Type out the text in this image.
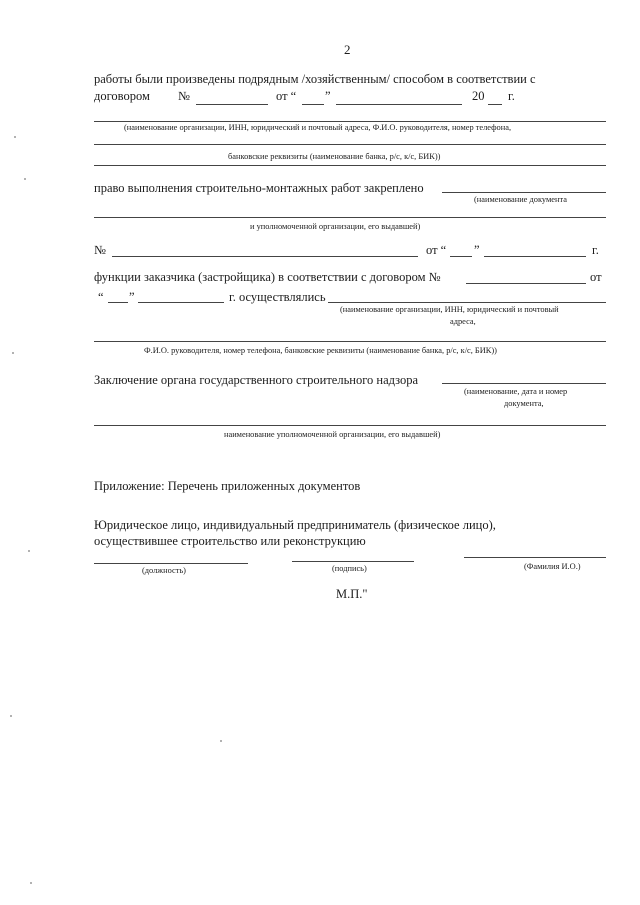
2
работы были произведены подрядным /хозяйственным/ способом в соответствии с
договором №	от “ ”	20 г.
(наименование организации, ИНН, юридический и почтовый адреса, Ф.И.О. руководителя, номер телефона,
банковские реквизиты (наименование банка, р/с, к/с, БИК))
право выполнения строительно-монтажных работ закреплено
(наименование документа
и уполномоченной организации, его выдавшей)
№	от “ ”	г.
функции заказчика (застройщика) в соответствии с договором №	от
“ ”	г. осуществлялись
(наименование организации, ИНН, юридический и почтовый
адреса,
Ф.И.О. руководителя, номер телефона, банковские реквизиты (наименование банка, р/с, к/с, БИК))
Заключение органа государственного строительного надзора
(наименование, дата и номер
документа,
наименование уполномоченной организации, его выдавшей)
Приложение: Перечень приложенных документов
Юридическое лицо, индивидуальный предприниматель (физическое лицо),
осуществившее строительство или реконструкцию
(должность)	(подпись)	(Фамилия И.О.)
М.П."
